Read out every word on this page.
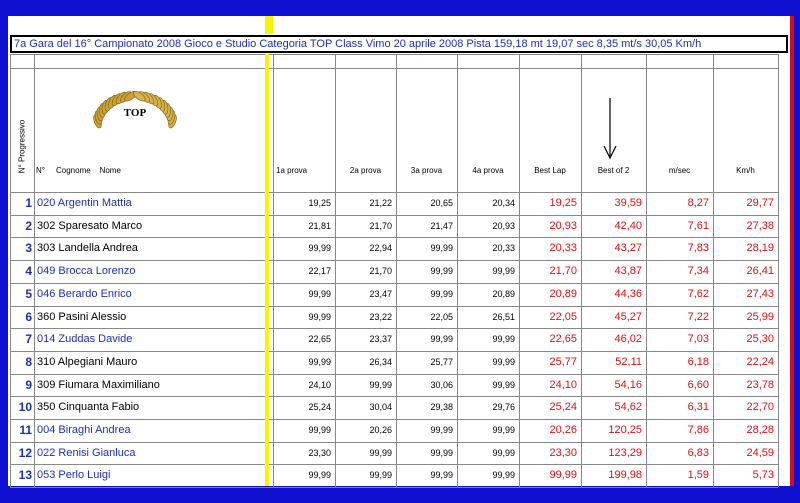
7a Gara del 16° Campionato 2008 Gioco e Studio Categoria TOP Class Vimo 20 aprile 2008 Pista 159,18 mt 19,07 sec 8,35 mt/s 30,05 Km/h
N° Progressivo N° Cognome    Nome
TOP
1a prova	2a prova	3a prova	4a prova	Best Lap	Best of 2	m/sec	Km/h
1 020 Argentin Mattia	19,25	21,22	20,65	20,34	19,25	39,59	8,27	29,77
2 302 Sparesato Marco	21,81	21,70	21,47	20,93	20,93	42,40	7,61	27,38
3 303 Landella Andrea	99,99	22,94	99,99	20,33	20,33	43,27	7,83	28,19
4 049 Brocca Lorenzo	22,17	21,70	99,99	99,99	21,70	43,87	7,34	26,41
5 046 Berardo Enrico	99,99	23,47	99,99	20,89	20,89	44,36	7,62	27,43
6 360 Pasini Alessio	99,99	23,22	22,05	26,51	22,05	45,27	7,22	25,99
7 014 Zuddas Davide	22,65	23,37	99,99	99,99	22,65	46,02	7,03	25,30
8 310 Alpegiani Mauro	99,99	26,34	25,77	99,99	25,77	52,11	6,18	22,24
9 309 Fiumara Maximiliano	24,10	99,99	30,06	99,99	24,10	54,16	6,60	23,78
10 350 Cinquanta Fabio	25,24	30,04	29,38	29,76	25,24	54,62	6,31	22,70
11 004 Biraghi Andrea	99,99	20,26	99,99	99,99	20,26	120,25	7,86	28,28
12 022 Renisi Gianluca	23,30	99,99	99,99	99,99	23,30	123,29	6,83	24,59
13 053 Perlo Luigi	99,99	99,99	99,99	99,99	99,99	199,98	1,59	5,73
